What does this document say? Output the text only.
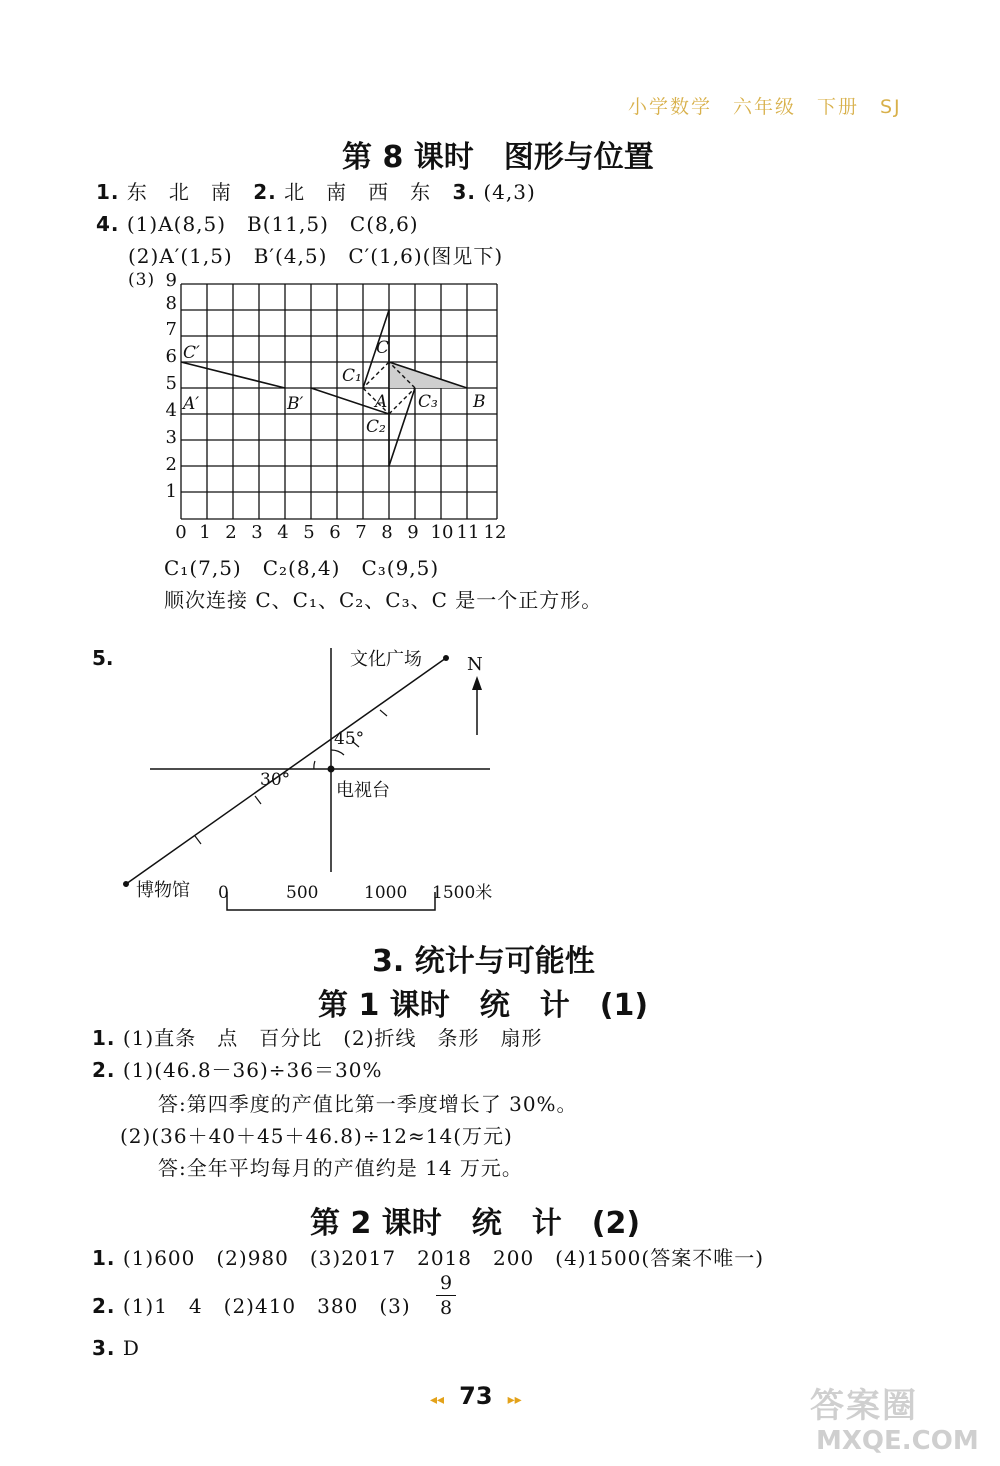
小学数学　六年级　下册　SJ
第 8 课时　图形与位置
1. 东　北　南 2. 北　南　西　东 3. (4,3)
4. (1)A(8,5)　B(11,5)　C(8,6)
(2)A′(1,5)　B′(4,5)　C′(1,6)(图见下)
(3)
C′
A′	B′
C
C₁
A C₃
C₂
B
0 1 2 3 4 5 6 7 8 9 10 11 12
1
2
3
4
5
6
7
8
9
C₁(7,5)　C₂(8,4)　C₃(9,5)
顺次连接 C、C₁、C₂、C₃、C 是一个正方形。
5.	文化广场	N
45°
30°	电视台
博物馆 0	500	1000 1500米
3. 统计与可能性
第 1 课时　统　计　(1)
1. (1)直条　点　百分比　(2)折线　条形　扇形
2. (1)(46.8－36)÷36＝30%
答:第四季度的产值比第一季度增长了 30%。
(2)(36＋40＋45＋46.8)÷12≈14(万元)
答:全年平均每月的产值约是 14 万元。
第 2 课时　统　计　(2)
1. (1)600　(2)980　(3)2017　2018　200　(4)1500(答案不唯一)
2. (1)1　4　(2)410　380　(3)
9
8
3. D
◂◂ 73 ▸▸	答案圈
MXQE.COM
